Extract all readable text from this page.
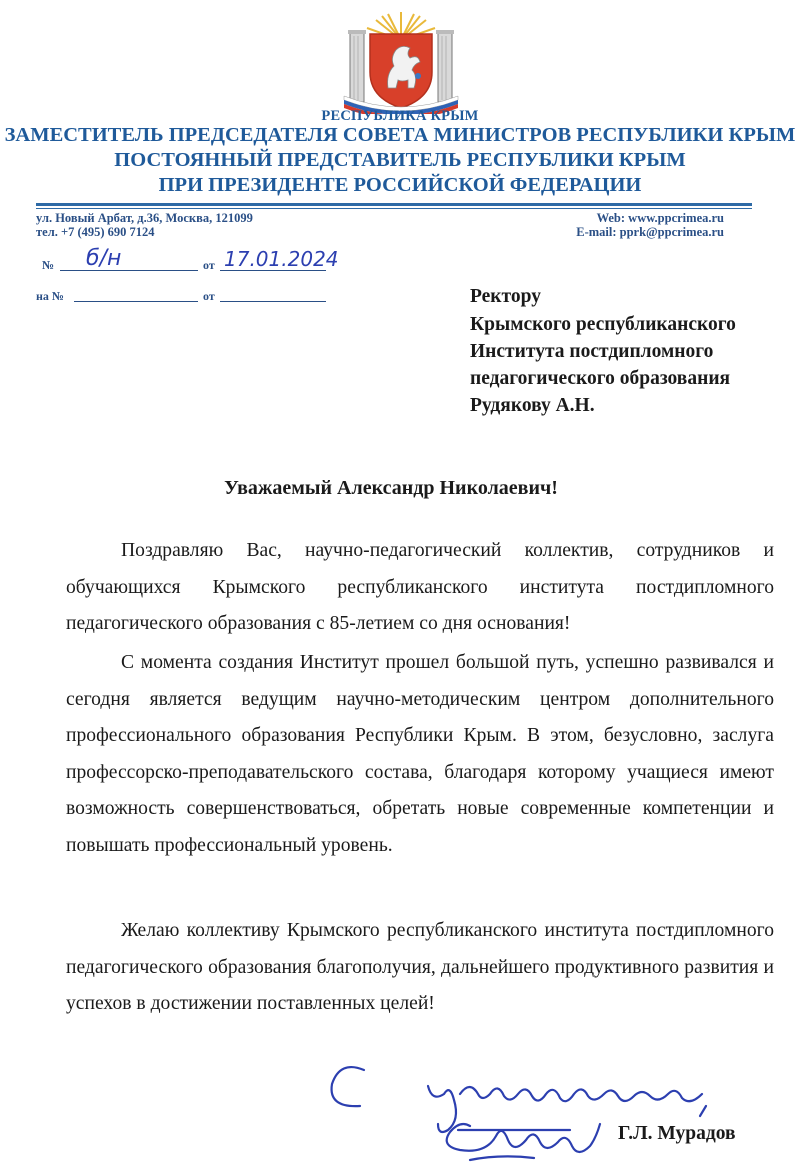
РЕСПУБЛИКА КРЫМ
ЗАМЕСТИТЕЛЬ ПРЕДСЕДАТЕЛЯ СОВЕТА МИНИСТРОВ РЕСПУБЛИКИ КРЫМ
ПОСТОЯННЫЙ ПРЕДСТАВИТЕЛЬ РЕСПУБЛИКИ КРЫМ
ПРИ ПРЕЗИДЕНТЕ РОССИЙСКОЙ ФЕДЕРАЦИИ
ул. Новый Арбат, д.36, Москва, 121099
тел. +7 (495) 690 7124
Web: www.ppcrimea.ru
E-mail: pprk@ppcrimea.ru
№ б/н	от 17.01.2024
на №	от	Ректору
Крымского республиканского
Института постдипломного
педагогического образования
Рудякову А.Н.
Уважаемый Александр Николаевич!

Поздравляю Вас, научно-педагогический коллектив, сотрудников и обучающихся Крымского республиканского института постдипломного педагогического образования с 85-летием со дня основания!

С момента создания Институт прошел большой путь, успешно развивался и сегодня является ведущим научно-методическим центром дополнительного профессионального образования Республики Крым. В этом, безусловно, заслуга профессорско-преподавательского состава, благодаря которому учащиеся имеют возможность совершенствоваться, обретать новые современные компетенции и повышать профессиональный уровень.

Желаю коллективу Крымского республиканского института постдипломного педагогического образования благополучия, дальнейшего продуктивного развития и успехов в достижении поставленных целей!

Г.Л. Мурадов
